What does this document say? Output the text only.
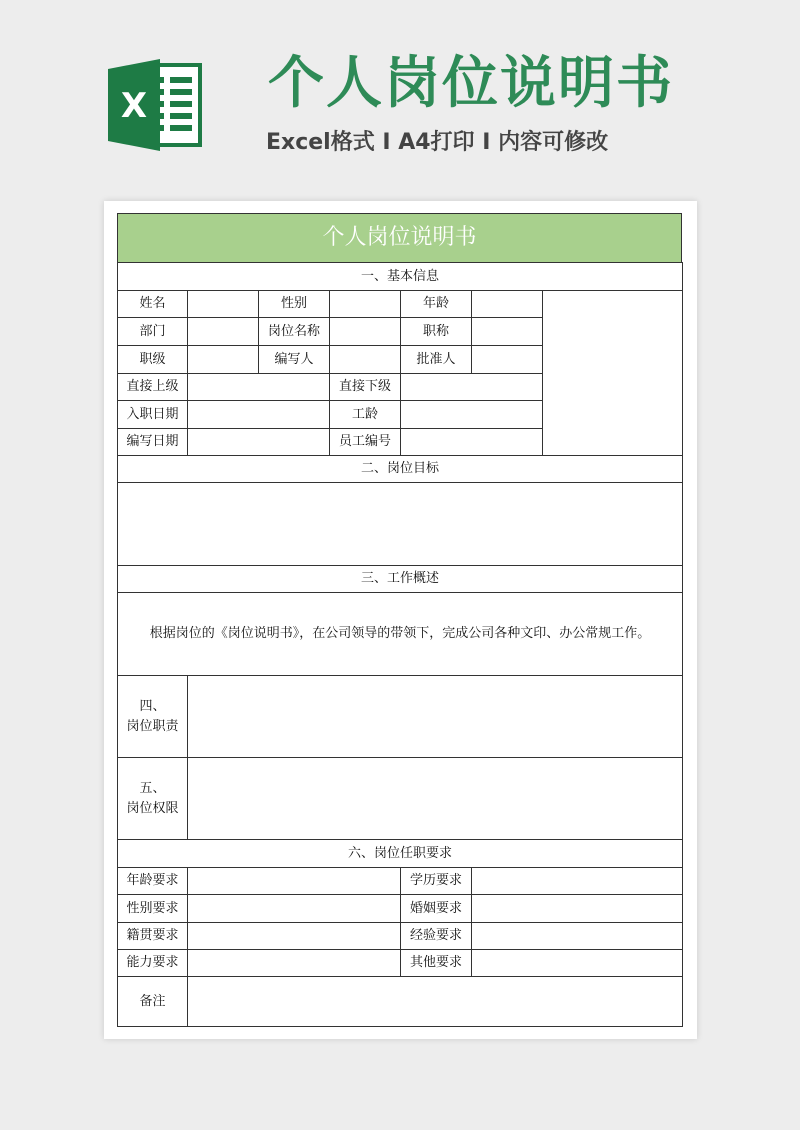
X 个人岗位说明书
Excel格式 I A4打印 I 内容可修改
个人岗位说明书
一、基本信息
姓名	性别	年龄
部门	岗位名称	职称
职级	编写人	批准人
直接上级	直接下级
入职日期	工龄
编写日期	员工编号
二、岗位目标
三、工作概述
根据岗位的《岗位说明书》，在公司领导的带领下，完成公司各种文印、办公常规工作。
四、
岗位职责
五、
岗位权限
六、岗位任职要求
年龄要求	学历要求
性别要求	婚姻要求
籍贯要求	经验要求
能力要求	其他要求
备注
